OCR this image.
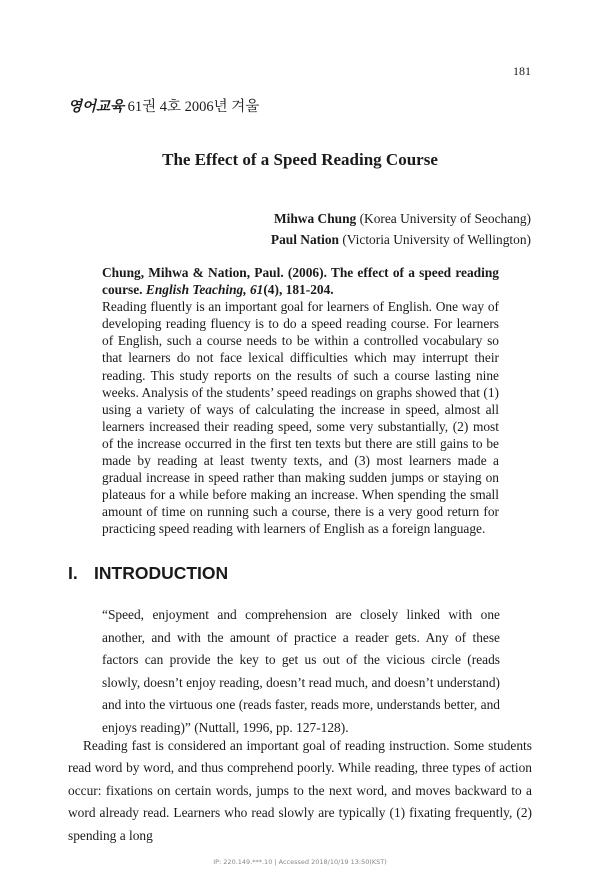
181
영어교육 61권 4호 2006년 겨울
The Effect of a Speed Reading Course
Mihwa Chung (Korea University of Seochang)
Paul Nation (Victoria University of Wellington)
Chung, Mihwa & Nation, Paul. (2006). The effect of a speed reading course. English Teaching, 61(4), 181-204.
Reading fluently is an important goal for learners of English. One way of developing reading fluency is to do a speed reading course. For learners of English, such a course needs to be within a controlled vocabulary so that learners do not face lexical difficulties which may interrupt their reading. This study reports on the results of such a course lasting nine weeks. Analysis of the students’ speed readings on graphs showed that (1) using a variety of ways of calculating the increase in speed, almost all learners increased their reading speed, some very substantially, (2) most of the increase occurred in the first ten texts but there are still gains to be made by reading at least twenty texts, and (3) most learners made a gradual increase in speed rather than making sudden jumps or staying on plateaus for a while before making an increase. When spending the small amount of time on running such a course, there is a very good return for practicing speed reading with learners of English as a foreign language.
I. INTRODUCTION
“Speed, enjoyment and comprehension are closely linked with one another, and with the amount of practice a reader gets. Any of these factors can provide the key to get us out of the vicious circle (reads slowly, doesn’t enjoy reading, doesn’t read much, and doesn’t understand) and into the virtuous one (reads faster, reads more, understands better, and enjoys reading)” (Nuttall, 1996, pp. 127-128).
Reading fast is considered an important goal of reading instruction. Some students read word by word, and thus comprehend poorly. While reading, three types of action occur: fixations on certain words, jumps to the next word, and moves backward to a word already read. Learners who read slowly are typically (1) fixating frequently, (2) spending a long
IP: 220.149.***.10 | Accessed 2018/10/19 13:50(KST)
